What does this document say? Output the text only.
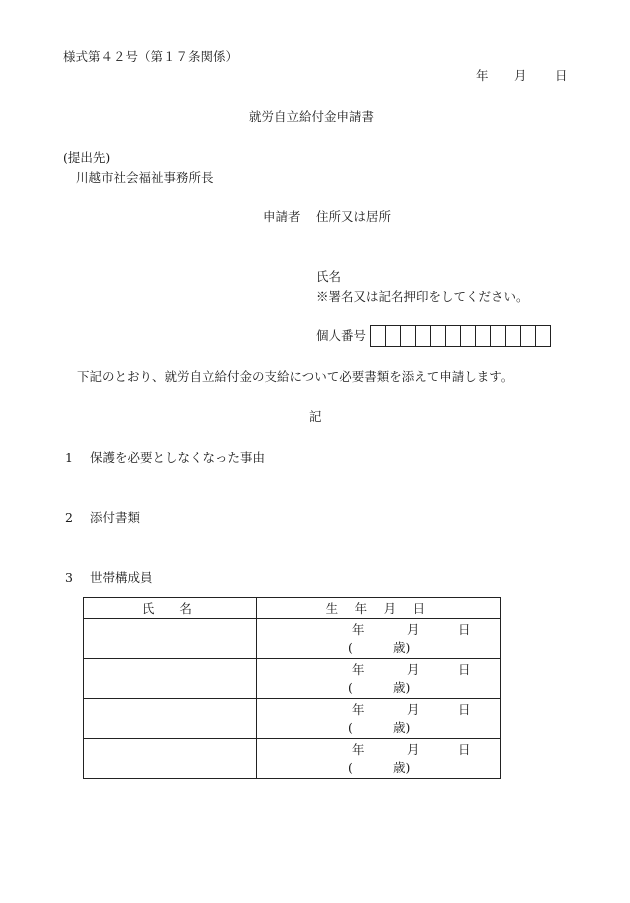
様式第４２号（第１７条関係）
年 月 日
就労自立給付金申請書
(提出先)
川越市社会福祉事務所長
申請者 住所又は居所
氏名
※署名又は記名押印をしてください。
個人番号
下記のとおり、就労自立給付金の支給について必要書類を添えて申請します。
記
1 保護を必要としなくなった事由
2 添付書類
3 世帯構成員
氏　名	生 年 月 日

	年 月 日
( 歳)

	年 月 日
( 歳)

	年 月 日
( 歳)

	年 月 日
( 歳)
